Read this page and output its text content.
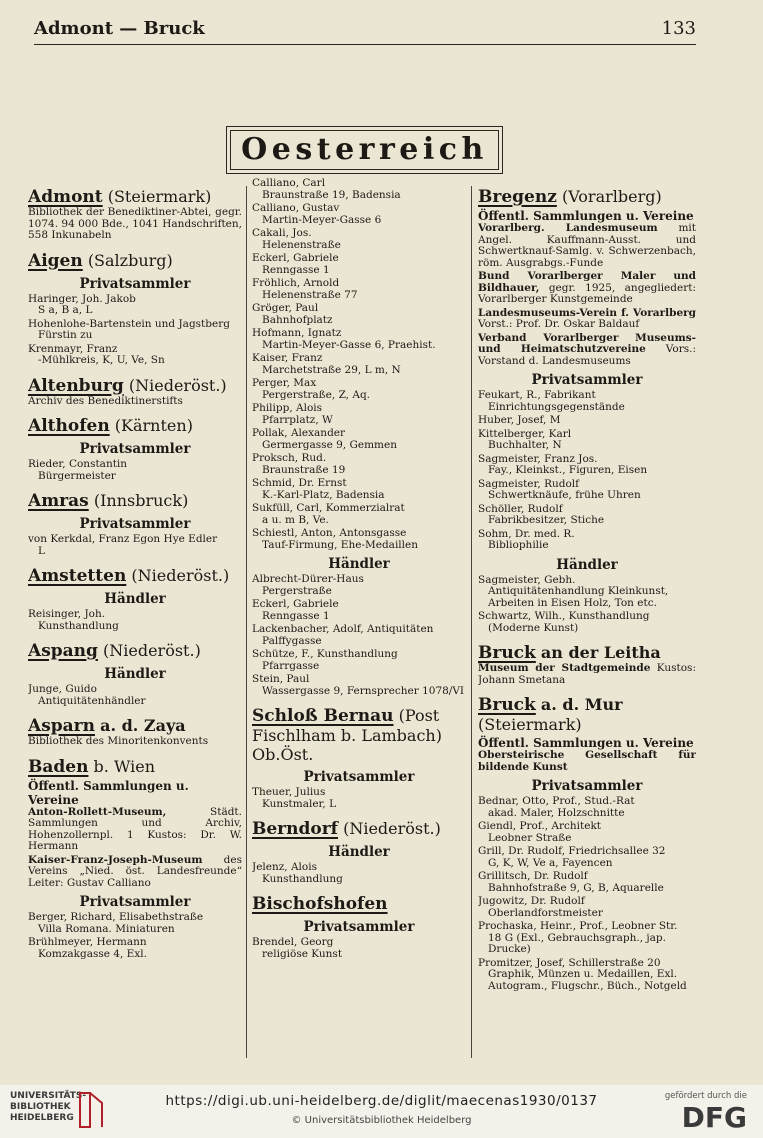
Admont — Bruck	133
Oesterreich
Admont (Steiermark)
Bibliothek der Benediktiner-Abtei, gegr. 1074. 94 000 Bde., 1041 Handschriften, 558 Inkunabeln
Aigen (Salzburg)
Privatsammler
Haringer, Joh. Jakob
S a, B a, L
Hohenlohe-Bartenstein und Jagstberg
Fürstin zu
Krenmayr, Franz
-Mühlkreis, K, U, Ve, Sn
Altenburg (Niederöst.)
Archiv des Benediktinerstifts
Althofen (Kärnten)
Privatsammler
Rieder, Constantin
Bürgermeister
Amras (Innsbruck)
Privatsammler
von Kerkdal, Franz Egon Hye Edler
L
Amstetten (Niederöst.)
Händler
Reisinger, Joh.
Kunsthandlung
Aspang (Niederöst.)
Händler
Junge, Guido
Antiquitätenhändler
Asparn a. d. Zaya
Bibliothek des Minoritenkonvents
Baden b. Wien
Öffentl. Sammlungen u. Vereine
Anton-Rollett-Museum, Städt. Sammlungen und Archiv, Hohenzollernpl. 1 Kustos: Dr. W. Hermann
Kaiser-Franz-Joseph-Museum des Vereins „Nied. öst. Landesfreunde“ Leiter: Gustav Calliano
Privatsammler
Berger, Richard, Elisabethstraße
Villa Romana. Miniaturen
Brühlmeyer, Hermann
Komzakgasse 4, Exl.
Calliano, Carl
Braunstraße 19, Badensia
Calliano, Gustav
Martin-Meyer-Gasse 6
Cakali, Jos.
Helenenstraße
Eckerl, Gabriele
Renngasse 1
Fröhlich, Arnold
Helenenstraße 77
Gröger, Paul
Bahnhofplatz
Hofmann, Ignatz
Martin-Meyer-Gasse 6, Praehist.
Kaiser, Franz
Marchetstraße 29, L m, N
Perger, Max
Pergerstraße, Z, Aq.
Philipp, Alois
Pfarrplatz, W
Pollak, Alexander
Germergasse 9, Gemmen
Proksch, Rud.
Braunstraße 19
Schmid, Dr. Ernst
K.-Karl-Platz, Badensia
Sukfüll, Carl, Kommerzialrat
a u. m B, Ve.
Schiestl, Anton, Antonsgasse
Tauf-Firmung, Ehe-Medaillen
Händler
Albrecht-Dürer-Haus
Pergerstraße
Eckerl, Gabriele
Renngasse 1
Lackenbacher, Adolf, Antiquitäten
Palffygasse
Schütze, F., Kunsthandlung
Pfarrgasse
Stein, Paul
Wassergasse 9, Fernsprecher 1078/VI
Schloß Bernau (Post Fischlham b. Lambach) Ob.Öst.
Privatsammler
Theuer, Julius
Kunstmaler, L
Berndorf (Niederöst.)
Händler
Jelenz, Alois
Kunsthandlung
Bischofshofen
Privatsammler
Brendel, Georg
religiöse Kunst
Bregenz (Vorarlberg)
Öffentl. Sammlungen u. Vereine
Vorarlberg. Landesmuseum mit Angel. Kauffmann-Ausst. und Schwertknauf-Samlg. v. Schwerzenbach, röm. Ausgrabgs.-Funde
Bund Vorarlberger Maler und Bildhauer, gegr. 1925, angegliedert: Vorarlberger Kunstgemeinde
Landesmuseums-Verein f. Vorarlberg Vorst.: Prof. Dr. Oskar Baldauf
Verband Vorarlberger Museums- und Heimatschutzvereine Vors.: Vorstand d. Landesmuseums
Privatsammler
Feukart, R., Fabrikant
Einrichtungsgegenstände
Huber, Josef, M
Kittelberger, Karl
Buchhalter, N
Sagmeister, Franz Jos.
Fay., Kleinkst., Figuren, Eisen
Sagmeister, Rudolf
Schwertknäufe, frühe Uhren
Schöller, Rudolf
Fabrikbesitzer, Stiche
Sohm, Dr. med. R.
Bibliophilie
Händler
Sagmeister, Gebh.
Antiquitätenhandlung Kleinkunst, Arbeiten in Eisen Holz, Ton etc.
Schwartz, Wilh., Kunsthandlung
(Moderne Kunst)
Bruck an der Leitha
Museum der Stadtgemeinde Kustos: Johann Smetana
Bruck a. d. Mur (Steiermark)
Öffentl. Sammlungen u. Vereine
Obersteirische Gesellschaft für bildende Kunst
Privatsammler
Bednar, Otto, Prof., Stud.-Rat
akad. Maler, Holzschnitte
Giendl, Prof., Architekt
Leobner Straße
Grill, Dr. Rudolf, Friedrichsallee 32
G, K, W, Ve a, Fayencen
Grillitsch, Dr. Rudolf
Bahnhofstraße 9, G, B, Aquarelle
Jugowitz, Dr. Rudolf
Oberlandforstmeister
Prochaska, Heinr., Prof., Leobner Str.
18 G (Exl., Gebrauchsgraph., jap. Drucke)
Promitzer, Josef, Schillerstraße 20
Graphik, Münzen u. Medaillen, Exl. Autogram., Flugschr., Büch., Notgeld
UNIVERSITÄTS-BIBLIOTHEK HEIDELBERG
https://digi.ub.uni-heidelberg.de/diglit/maecenas1930/0137
© Universitätsbibliothek Heidelberg
gefördert durch die
DFG
